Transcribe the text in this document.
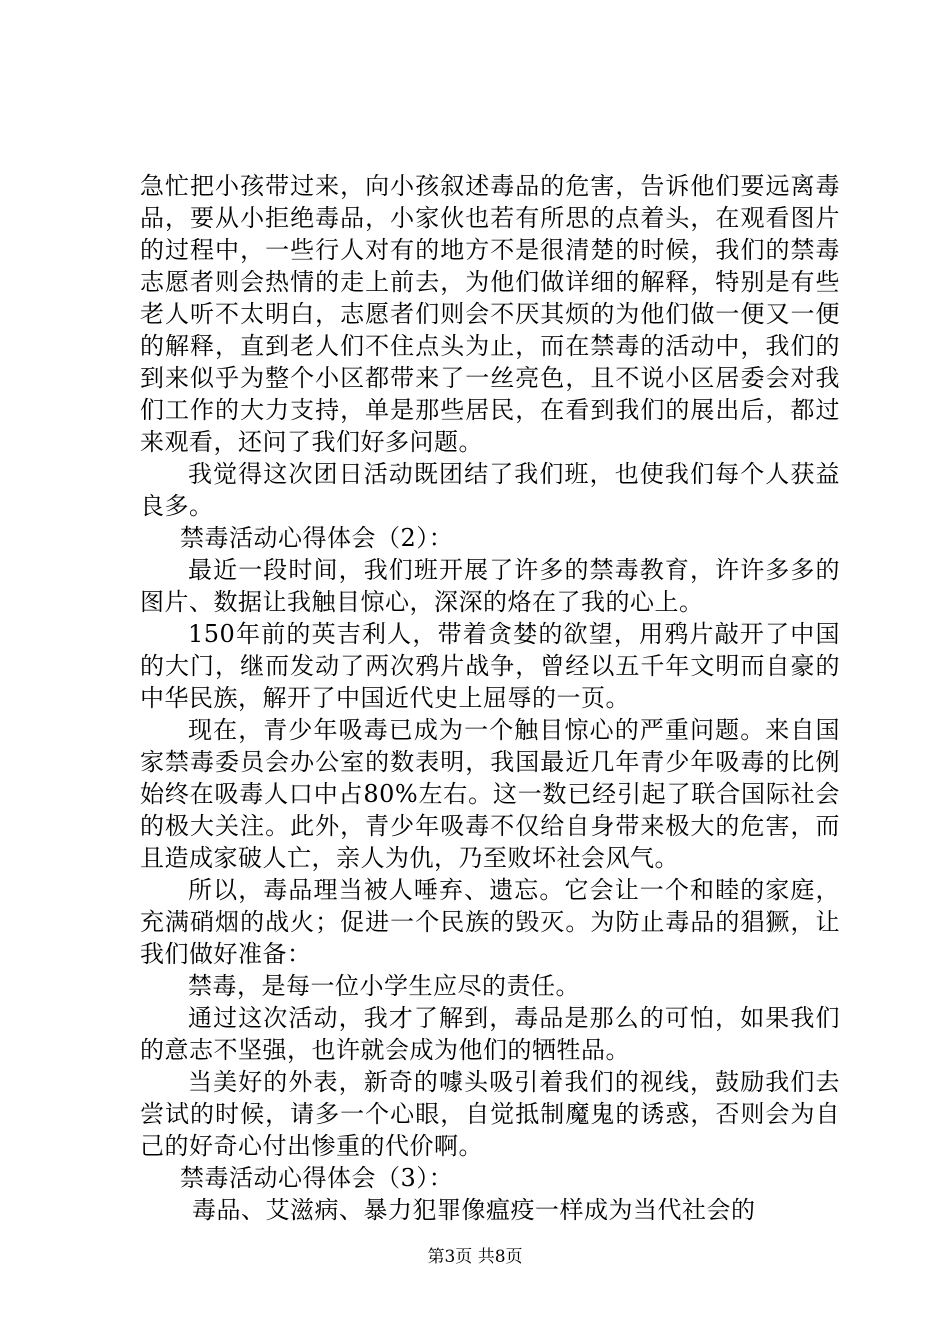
急忙把小孩带过来，向小孩叙述毒品的危害，告诉他们要远离毒品，要从小拒绝毒品，小家伙也若有所思的点着头，在观看图片的过程中，一些行人对有的地方不是很清楚的时候，我们的禁毒志愿者则会热情的走上前去，为他们做详细的解释，特别是有些老人听不太明白，志愿者们则会不厌其烦的为他们做一便又一便的解释，直到老人们不住点头为止，而在禁毒的活动中，我们的到来似乎为整个小区都带来了一丝亮色，且不说小区居委会对我们工作的大力支持，单是那些居民，在看到我们的展出后，都过来观看，还问了我们好多问题。

我觉得这次团日活动既团结了我们班，也使我们每个人获益良多。

禁毒活动心得体会（2）：

最近一段时间，我们班开展了许多的禁毒教育，许许多多的图片、数据让我触目惊心，深深的烙在了我的心上。

150年前的英吉利人，带着贪婪的欲望，用鸦片敲开了中国的大门，继而发动了两次鸦片战争，曾经以五千年文明而自豪的中华民族，解开了中国近代史上屈辱的一页。

现在，青少年吸毒已成为一个触目惊心的严重问题。来自国家禁毒委员会办公室的数表明，我国最近几年青少年吸毒的比例始终在吸毒人口中占80%左右。这一数已经引起了联合国际社会的极大关注。此外，青少年吸毒不仅给自身带来极大的危害，而且造成家破人亡，亲人为仇，乃至败坏社会风气。

所以，毒品理当被人唾弃、遗忘。它会让一个和睦的家庭，充满硝烟的战火；促进一个民族的毁灭。为防止毒品的猖獗，让我们做好准备：

禁毒，是每一位小学生应尽的责任。

通过这次活动，我才了解到，毒品是那么的可怕，如果我们的意志不坚强，也许就会成为他们的牺牲品。

当美好的外表，新奇的噱头吸引着我们的视线，鼓励我们去尝试的时候，请多一个心眼，自觉抵制魔鬼的诱惑，否则会为自己的好奇心付出惨重的代价啊。

禁毒活动心得体会（3）：

毒品、艾滋病、暴力犯罪像瘟疫一样成为当代社会的

第3页 共8页
